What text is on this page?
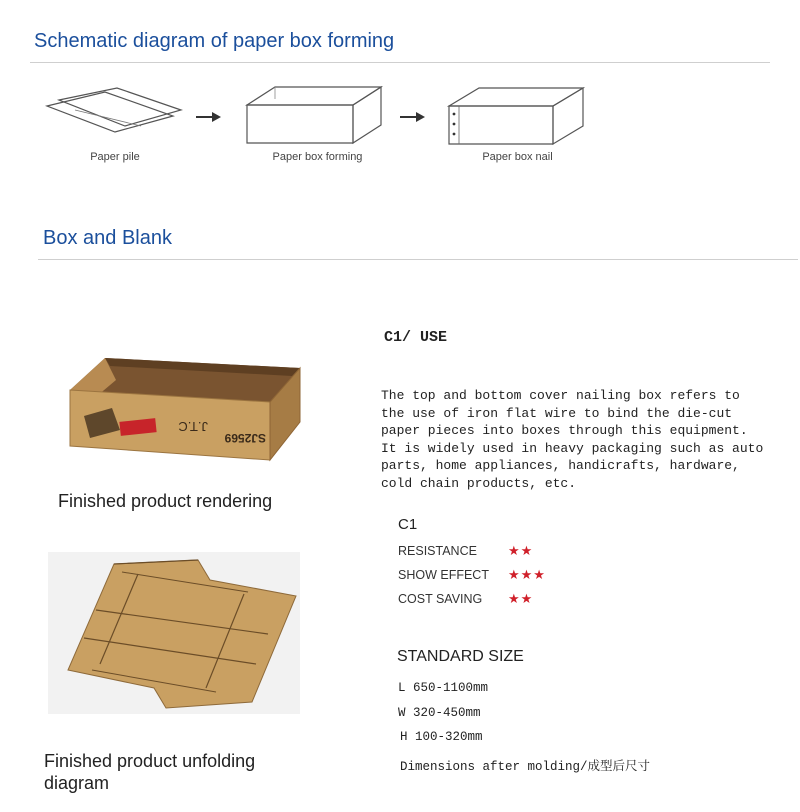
Schematic diagram of paper box forming
Paper pile	Paper box forming	Paper box nail
Box and Blank
J.T.C
SJ2569
Finished product rendering
Finished product unfolding diagram
C1/ USE
The top and bottom cover nailing box refers to
the use of iron flat wire to bind the die-cut
paper pieces into boxes through this equipment.
It is widely used in heavy packaging such as auto
parts, home appliances, handicrafts, hardware,
cold chain products, etc.
C1
RESISTANCE ★★
SHOW EFFECT ★★★
COST SAVING ★★
STANDARD SIZE
L 650-1100mm
W 320-450mm
H 100-320mm
Dimensions after molding/成型后尺寸
